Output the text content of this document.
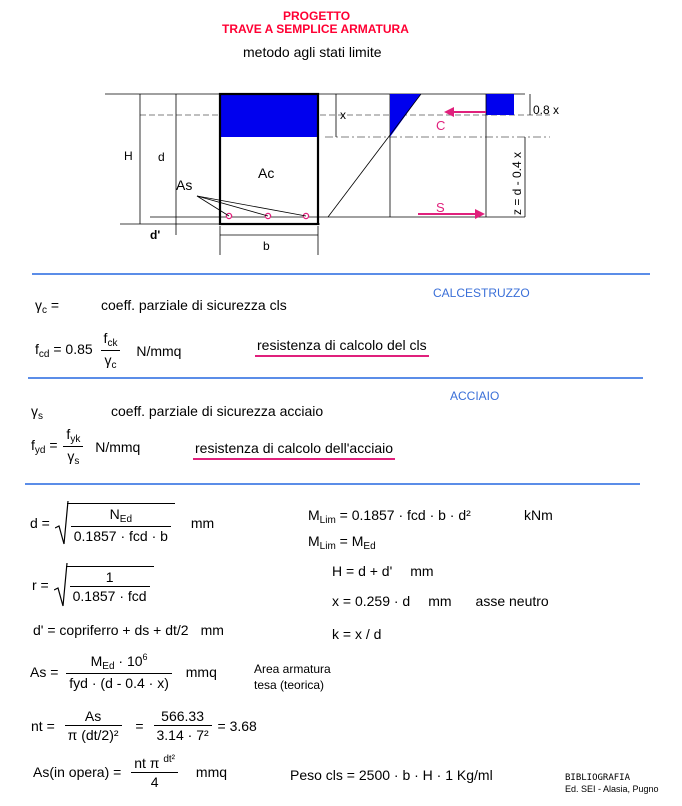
PROGETTO
TRAVE A SEMPLICE ARMATURA
metodo agli stati limite
H d
d'
b
As
Ac
x
C
S
0.8 x
z = d - 0.4 x
CALCESTRUZZO
$\gamma_c$ =	coeff. parziale di sicurezza cls
$f_{cd} = 0.85 \frac{f_{ck}}{\gamma_c} N/mmq$	resistenza di calcolo del cls
ACCIAIO
$\gamma_s$	coeff. parziale di sicurezza acciaio
$f_{yd} = \frac{f_{yk}}{\gamma_s} N/mmq$	resistenza di calcolo dell'acciaio
$d = \frac{N_{Ed}}{\text{0.1857 · fcd · b}}$ mm	$M_{Lim} = 0.1857$ · fcd · b · d²	kNm
$M_{Lim} = M_{Ed}$
$r = \frac{1}{\text{0.1857 · fcd}}$	H = d + d' mm
x = 0.259 · d mm asse neutro
d' = copriferro + ds + dt/2 mm	k = x / d
$As = \frac{M_{Ed} \cdot 10^6}{\text{fyd · (d - 0.4 · x)}}$ mmq	Area armatura
tesa (teorica)
nt = $\frac{As}{\text{π (dt/2)²}} = \frac{566.33}{\text{3.14 · 7²}} = 3.68$
As(in opera) = $\frac{nt \pi ^{dt^2}}{4}$ mmq	Peso cls = 2500 · b · H · 1 Kg/ml	BIBLIOGRAFIA
Ed. SEI - Alasia, Pugno
